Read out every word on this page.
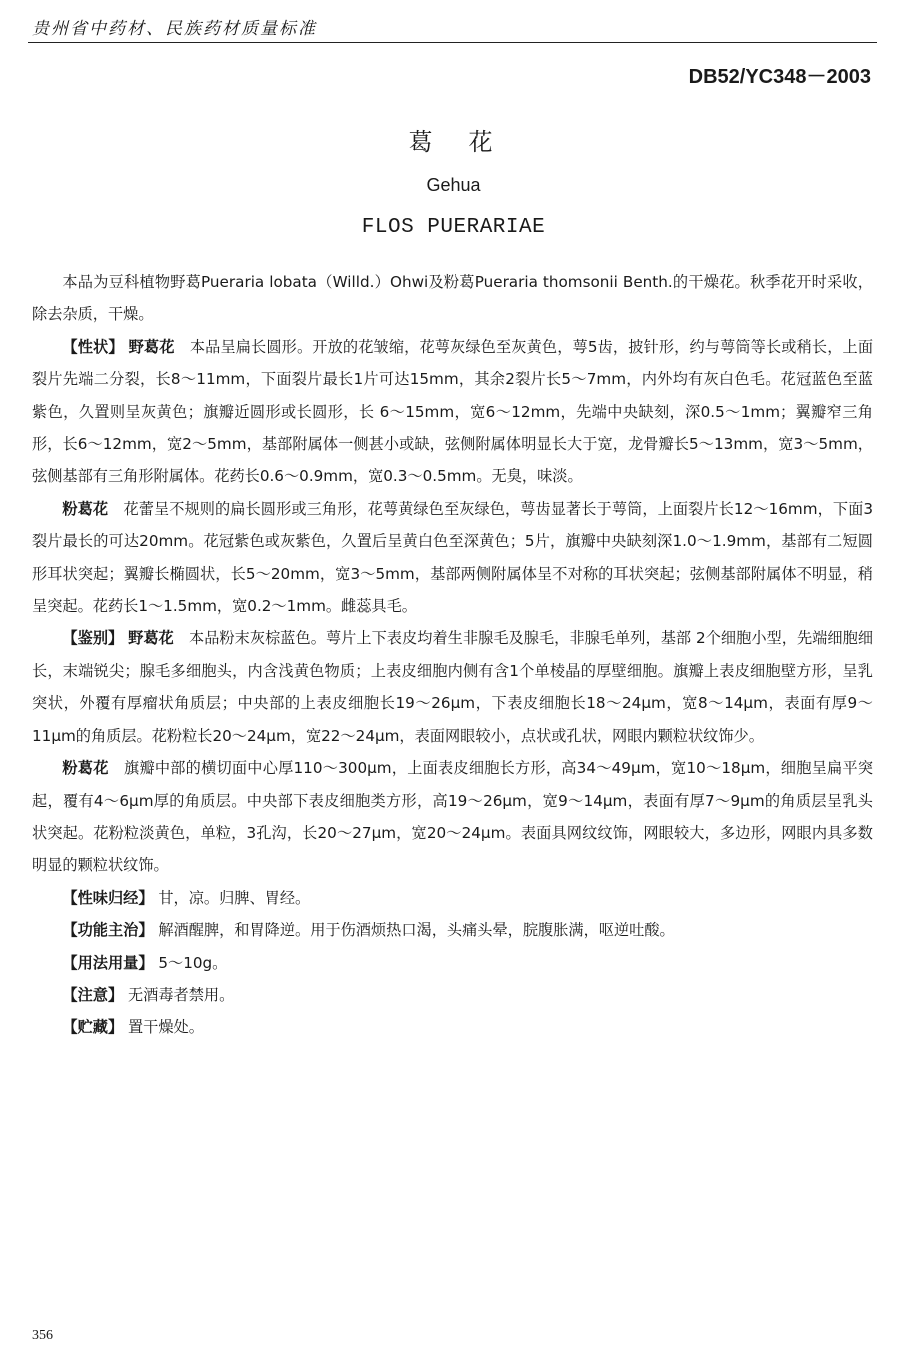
贵州省中药材、民族药材质量标准
DB52/YC348－2003
葛　花
Gehua
FLOS PUERARIAE

本品为豆科植物野葛Pueraria lobata（Willd.）Ohwi及粉葛Pueraria thomsonii Benth.的干燥花。秋季花开时采收，除去杂质，干燥。

【性状】 野葛花　 本品呈扁长圆形。开放的花皱缩，花萼灰绿色至灰黄色，萼5齿，披针形，约与萼筒等长或稍长，上面裂片先端二分裂，长8～11mm，下面裂片最长1片可达15mm，其余2裂片长5～7mm，内外均有灰白色毛。花冠蓝色至蓝紫色，久置则呈灰黄色；旗瓣近圆形或长圆形，长 6～15mm，宽6～12mm，先端中央缺刻，深0.5～1mm；翼瓣窄三角形，长6～12mm，宽2～5mm，基部附属体一侧甚小或缺，弦侧附属体明显长大于宽，龙骨瓣长5～13mm，宽3～5mm，弦侧基部有三角形附属体。花药长0.6～0.9mm，宽0.3～0.5mm。无臭，味淡。

粉葛花　 花蕾呈不规则的扁长圆形或三角形，花萼黄绿色至灰绿色，萼齿显著长于萼筒，上面裂片长12～16mm，下面3裂片最长的可达20mm。花冠紫色或灰紫色，久置后呈黄白色至深黄色；5片，旗瓣中央缺刻深1.0～1.9mm，基部有二短圆形耳状突起；翼瓣长椭圆状，长5～20mm，宽3～5mm，基部两侧附属体呈不对称的耳状突起；弦侧基部附属体不明显，稍呈突起。花药长1～1.5mm，宽0.2～1mm。雌蕊具毛。

【鉴别】 野葛花　 本品粉末灰棕蓝色。萼片上下表皮均着生非腺毛及腺毛，非腺毛单列，基部 2个细胞小型，先端细胞细长，末端锐尖；腺毛多细胞头，内含浅黄色物质；上表皮细胞内侧有含1个单棱晶的厚壁细胞。旗瓣上表皮细胞壁方形，呈乳突状，外覆有厚瘤状角质层；中央部的上表皮细胞长19～26μm，下表皮细胞长18～24μm，宽8～14μm，表面有厚9～11μm的角质层。花粉粒长20～24μm，宽22～24μm，表面网眼较小，点状或孔状，网眼内颗粒状纹饰少。

粉葛花　 旗瓣中部的横切面中心厚110～300μm，上面表皮细胞长方形，高34～49μm，宽10～18μm，细胞呈扁平突起，覆有4～6μm厚的角质层。中央部下表皮细胞类方形，高19～26μm，宽9～14μm，表面有厚7～9μm的角质层呈乳头状突起。花粉粒淡黄色，单粒，3孔沟，长20～27μm，宽20～24μm。表面具网纹纹饰，网眼较大，多边形，网眼内具多数明显的颗粒状纹饰。

【性味归经】 甘，凉。归脾、胃经。

【功能主治】 解酒醒脾，和胃降逆。用于伤酒烦热口渴，头痛头晕，脘腹胀满，呕逆吐酸。

【用法用量】 5～10g。

【注意】 无酒毒者禁用。

【贮藏】 置干燥处。

356
